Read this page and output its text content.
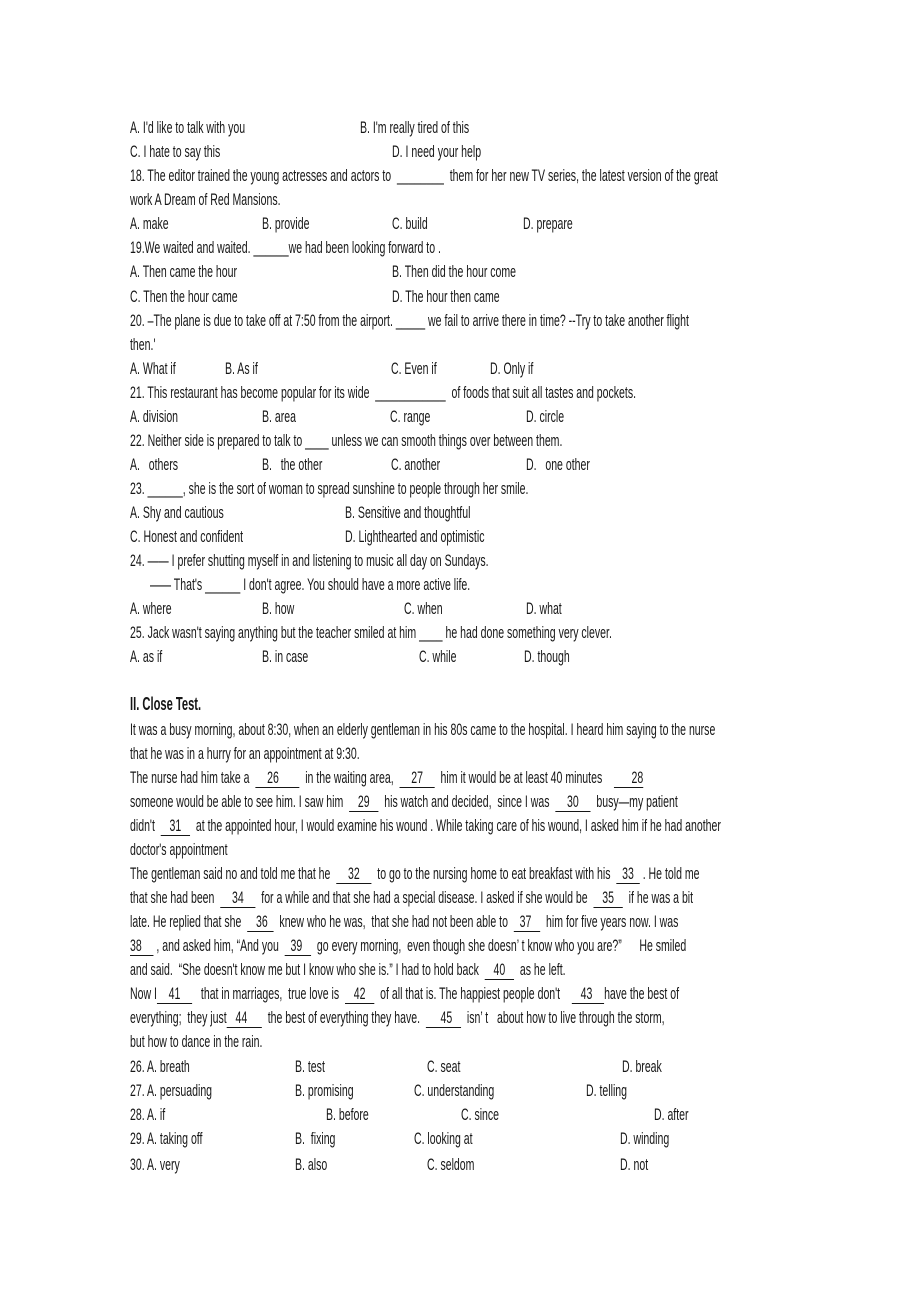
A. I'd like to talk with you	B. I'm really tired of this
C. I hate to say this	D. I need your help
18. The editor trained the young actresses and actors to  ________  them for her new TV series, the latest version of the great
work A Dream of Red Mansions.
A. make	B. provide	C. build	D. prepare
19.We waited and waited. ______we had been looking forward to .
A. Then came the hour	B. Then did the hour come
C. Then the hour came	D. The hour then came
20. –The plane is due to take off at 7:50 from the airport. _____ we fail to arrive there in time? --Try to take another flight
then.'
A. What if	B. As if	C. Even if	D. Only if
21. This restaurant has become popular for its wide  ____________  of foods that suit all tastes and pockets.
A. division	B. area	C. range	D. circle
22. Neither side is prepared to talk to ____ unless we can smooth things over between them.
A.   others	B.   the other	C. another	D.   one other
23. ______, she is the sort of woman to spread sunshine to people through her smile.
A. Shy and cautious	B. Sensitive and thoughtful
C. Honest and confident	D. Lighthearted and optimistic
24. —— I prefer shutting myself in and listening to music all day on Sundays.
—— That's ______ I don't agree. You should have a more active life.
A. where	B. how	C. when	D. what
25. Jack wasn't saying anything but the teacher smiled at him ____ he had done something very clever.
A. as if	B. in case	C. while	D. though
II. Close Test.
It was a busy morning, about 8:30, when an elderly gentleman in his 80s came to the hospital. I heard him saying to the nurse
that he was in a hurry for an appointment at 9:30.
The nurse had him take a      26         in the waiting area,      27      him it would be at least 40 minutes          28
someone would be able to see him. I saw him     29     his watch and decided,  since I was      30      busy—my patient
didn't     31     at the appointed hour, I would examine his wound . While taking care of his wound, I asked him if he had another
doctor's appointment
The gentleman said no and told me that he      32      to go to the nursing home to eat breakfast with his    33   . He told me
that she had been      34      for a while and that she had a special disease. I asked if she would be     35     if he was a bit
late. He replied that she     36    knew who he was,  that she had not been able to    37     him for five years now. I was
38     , and asked him, “And you    39     go every morning,  even though she doesn’ t know who you are?”      He smiled
and said.  “She doesn't know me but I know who she is.” I had to hold back     40     as he left.
Now I    41       that in marriages,  true love is     42     of all that is. The happiest people don't       43    have the best of
everything;  they just   44       the best of everything they have.       45     isn’ t   about how to live through the storm,
but how to dance in the rain.
26. A. breath	B. test	C. seat	D. break
27. A. persuading	B. promising	C. understanding	D. telling
28. A. if	B. before	C. since	D. after
29. A. taking off	B.  fixing	C. looking at	D. winding
30. A. very	B. also	C. seldom	D. not
